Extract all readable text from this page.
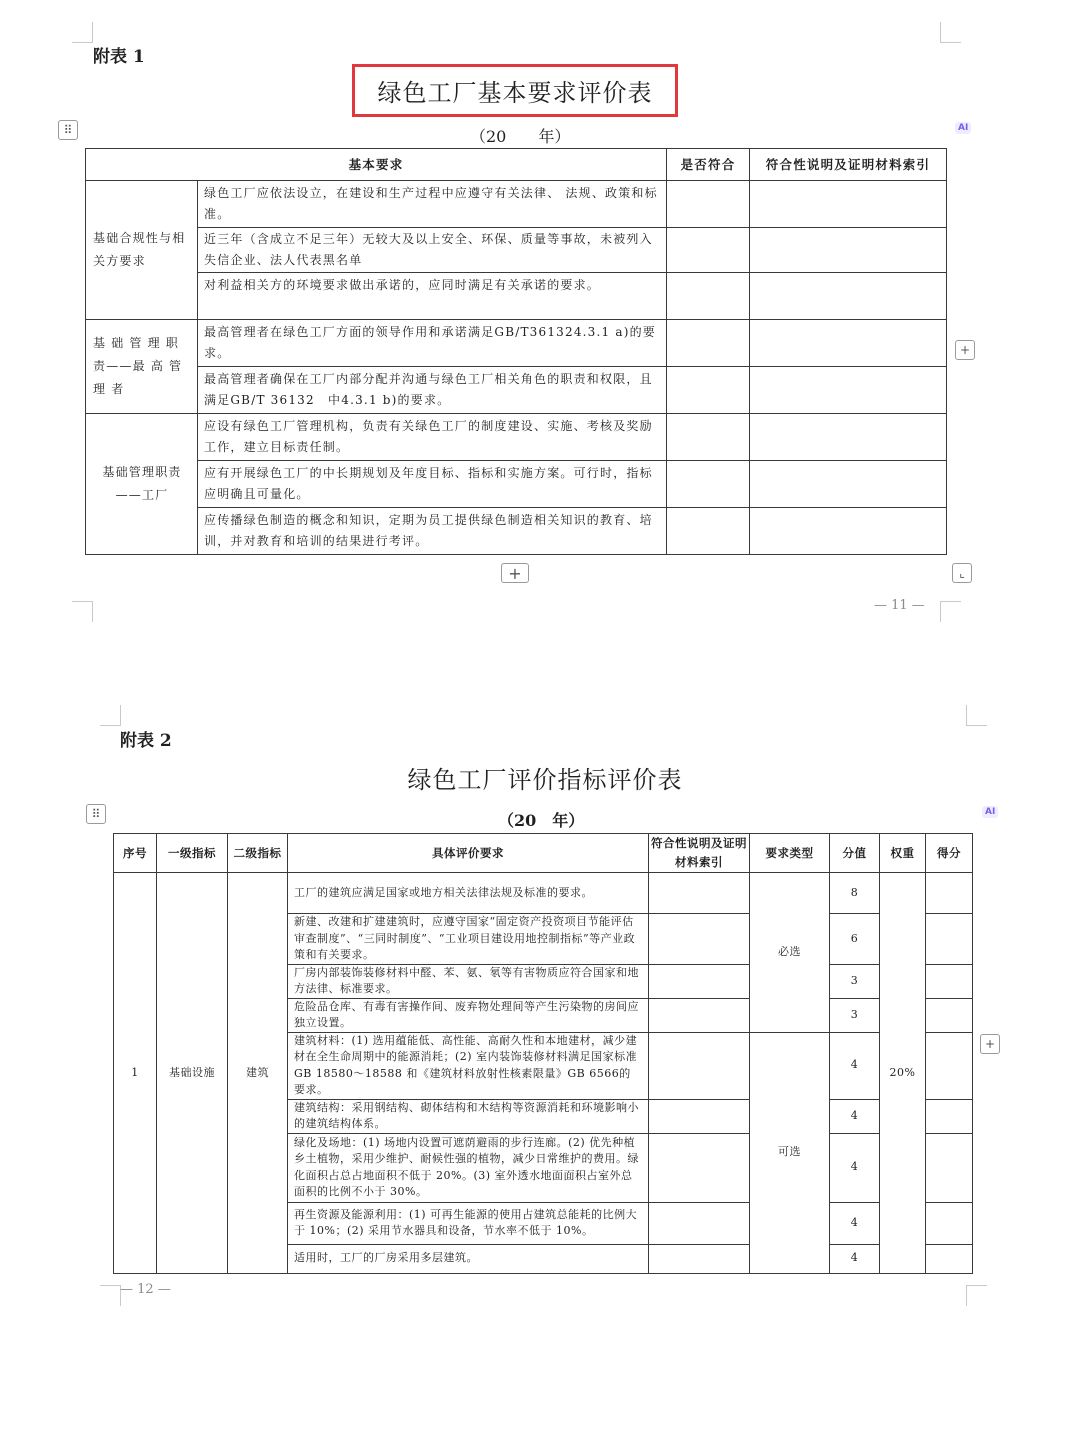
附表 1
绿色工厂基本要求评价表
（20　　年）
⠿	AI
基本要求		是否符合	符合性说明及证明材料索引
基础合规性与相关方要求	绿色工厂应依法设立，在建设和生产过程中应遵守有关法律、 法规、政策和标准。		
	近三年（含成立不足三年）无较大及以上安全、环保、质量等事故，未被列入失信企业、法人代表黑名单		
	对利益相关方的环境要求做出承诺的，应同时满足有关承诺的要求。		
基 础 管 理 职 责——最 高 管 理 者	最高管理者在绿色工厂方面的领导作用和承诺满足GB/T361324.3.1 a)的要求。		
	最高管理者确保在工厂内部分配并沟通与绿色工厂相关角色的职责和权限，且满足GB/T 36132　中4.3.1 b)的要求。		
基础管理职责——工厂	应设有绿色工厂管理机构，负责有关绿色工厂的制度建设、实施、考核及奖励工作，建立目标责任制。		
	应有开展绿色工厂的中长期规划及年度目标、指标和实施方案。可行时，指标应明确且可量化。		
	应传播绿色制造的概念和知识，定期为员工提供绿色制造相关知识的教育、培训，并对教育和培训的结果进行考评。		
+
+	⌞
— 11 —
附表 2
绿色工厂评价指标评价表
（20　年）
⠿	AI
+
序号	一级指标	二级指标	具体评价要求	符合性说明及证明材料索引	要求类型	分值	权重	得分
1	基础设施	建筑	工厂的建筑应满足国家或地方相关法律法规及标准的要求。		必选	8	20%	
			新建、改建和扩建建筑时，应遵守国家“固定资产投资项目节能评估审查制度”、“三同时制度”、“工业项目建设用地控制指标”等产业政策和有关要求。			6		
			厂房内部装饰装修材料中醛、苯、氨、氡等有害物质应符合国家和地方法律、标准要求。			3		
			危险品仓库、有毒有害操作间、废弃物处理间等产生污染物的房间应独立设置。			3		
			建筑材料：(1) 选用蕴能低、高性能、高耐久性和本地建材，减少建材在全生命周期中的能源消耗；(2) 室内装饰装修材料满足国家标准 GB 18580～18588 和《建筑材料放射性核素限量》GB 6566的要求。		可选	4		
			建筑结构：采用钢结构、砌体结构和木结构等资源消耗和环境影响小的建筑结构体系。			4		
			绿化及场地：(1) 场地内设置可遮荫避雨的步行连廊。(2) 优先种植乡土植物，采用少维护、耐候性强的植物，减少日常维护的费用。绿化面积占总占地面积不低于 20%。(3) 室外透水地面面积占室外总面积的比例不小于 30%。			4		
			再生资源及能源利用：(1) 可再生能源的使用占建筑总能耗的比例大于 10%；(2) 采用节水器具和设备，节水率不低于 10%。			4		
			适用时，工厂的厂房采用多层建筑。			4		
— 12 —
